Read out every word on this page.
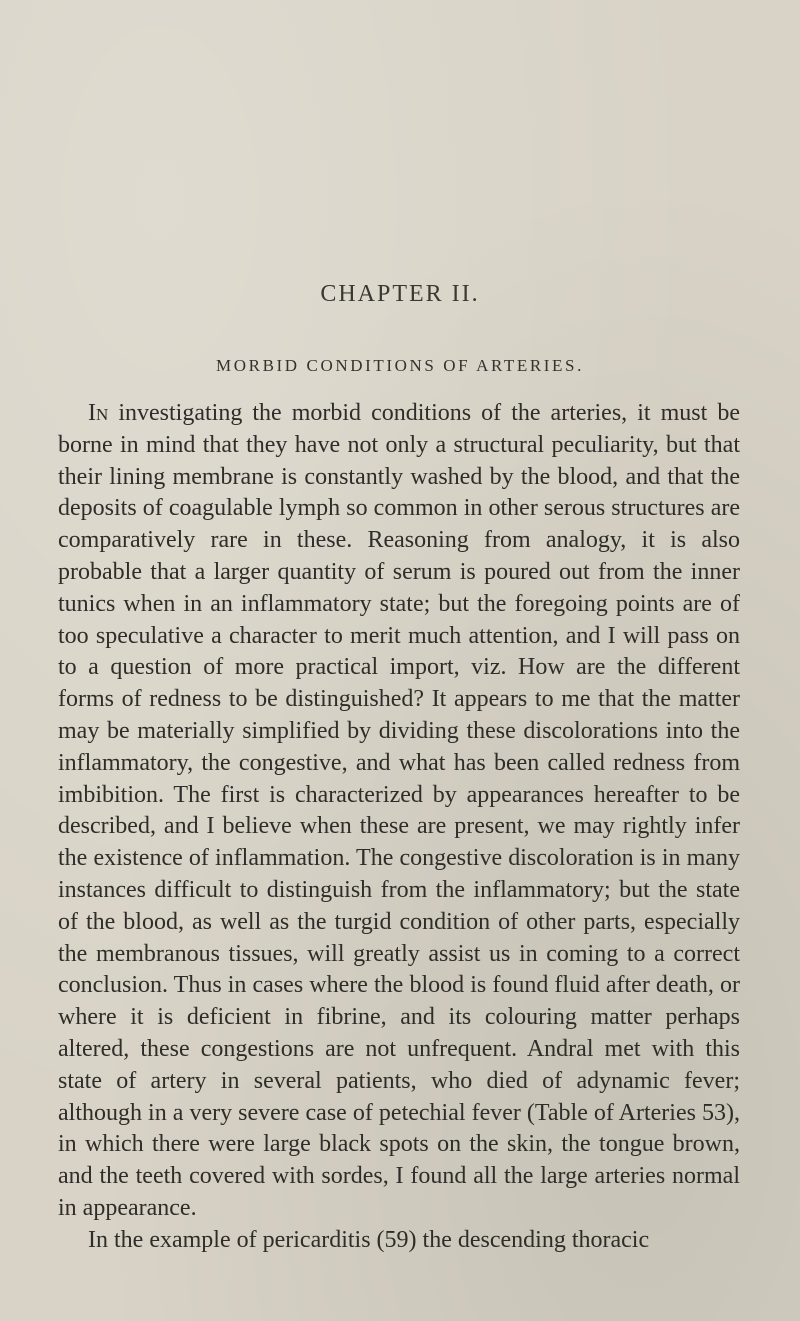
CHAPTER II.
MORBID CONDITIONS OF ARTERIES.

In investigating the morbid conditions of the arteries, it must be borne in mind that they have not only a structural peculiarity, but that their lining membrane is constantly washed by the blood, and that the deposits of coagulable lymph so common in other serous structures are comparatively rare in these. Reasoning from analogy, it is also probable that a larger quantity of serum is poured out from the inner tunics when in an inflammatory state; but the foregoing points are of too speculative a character to merit much attention, and I will pass on to a question of more practical import, viz. How are the different forms of redness to be distinguished? It appears to me that the matter may be materially simplified by dividing these discolorations into the inflammatory, the congestive, and what has been called redness from imbibition. The first is characterized by appearances hereafter to be described, and I believe when these are present, we may rightly infer the existence of inflammation. The congestive discoloration is in many instances difficult to distinguish from the inflammatory; but the state of the blood, as well as the turgid condition of other parts, especially the membranous tissues, will greatly assist us in coming to a correct conclusion. Thus in cases where the blood is found fluid after death, or where it is deficient in fibrine, and its colouring matter perhaps altered, these congestions are not unfrequent. Andral met with this state of artery in several patients, who died of adynamic fever; although in a very severe case of petechial fever (Table of Arteries 53), in which there were large black spots on the skin, the tongue brown, and the teeth covered with sordes, I found all the large arteries normal in appearance.

In the example of pericarditis (59) the descending thoracic
